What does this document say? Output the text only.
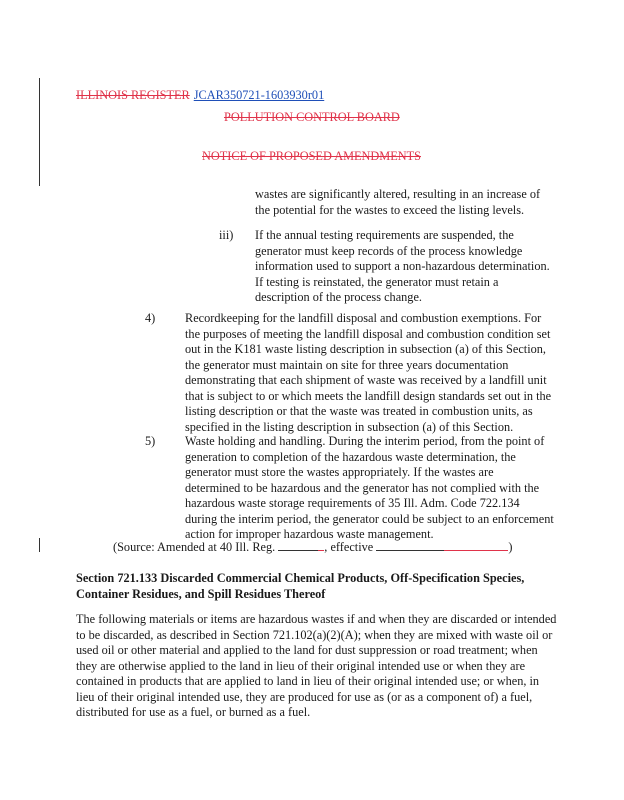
ILLINOIS REGISTER JCAR350721-1603930r01
POLLUTION CONTROL BOARD
NOTICE OF PROPOSED AMENDMENTS
wastes are significantly altered, resulting in an increase of
the potential for the wastes to exceed the listing levels.
iii) If the annual testing requirements are suspended, the
generator must keep records of the process knowledge
information used to support a non-hazardous determination.
If testing is reinstated, the generator must retain a
description of the process change.
4) Recordkeeping for the landfill disposal and combustion exemptions. For
the purposes of meeting the landfill disposal and combustion condition set
out in the K181 waste listing description in subsection (a) of this Section,
the generator must maintain on site for three years documentation
demonstrating that each shipment of waste was received by a landfill unit
that is subject to or which meets the landfill design standards set out in the
listing description or that the waste was treated in combustion units, as
specified in the listing description in subsection (a) of this Section.
5) Waste holding and handling. During the interim period, from the point of
generation to completion of the hazardous waste determination, the
generator must store the wastes appropriately. If the wastes are
determined to be hazardous and the generator has not complied with the
hazardous waste storage requirements of 35 Ill. Adm. Code 722.134
during the interim period, the generator could be subject to an enforcement
action for improper hazardous waste management.
(Source: Amended at 40 Ill. Reg.	, effective	)
Section 721.133 Discarded Commercial Chemical Products, Off-Specification Species,
Container Residues, and Spill Residues Thereof
The following materials or items are hazardous wastes if and when they are discarded or intended
to be discarded, as described in Section 721.102(a)(2)(A); when they are mixed with waste oil or
used oil or other material and applied to the land for dust suppression or road treatment; when
they are otherwise applied to the land in lieu of their original intended use or when they are
contained in products that are applied to land in lieu of their original intended use; or when, in
lieu of their original intended use, they are produced for use as (or as a component of) a fuel,
distributed for use as a fuel, or burned as a fuel.
